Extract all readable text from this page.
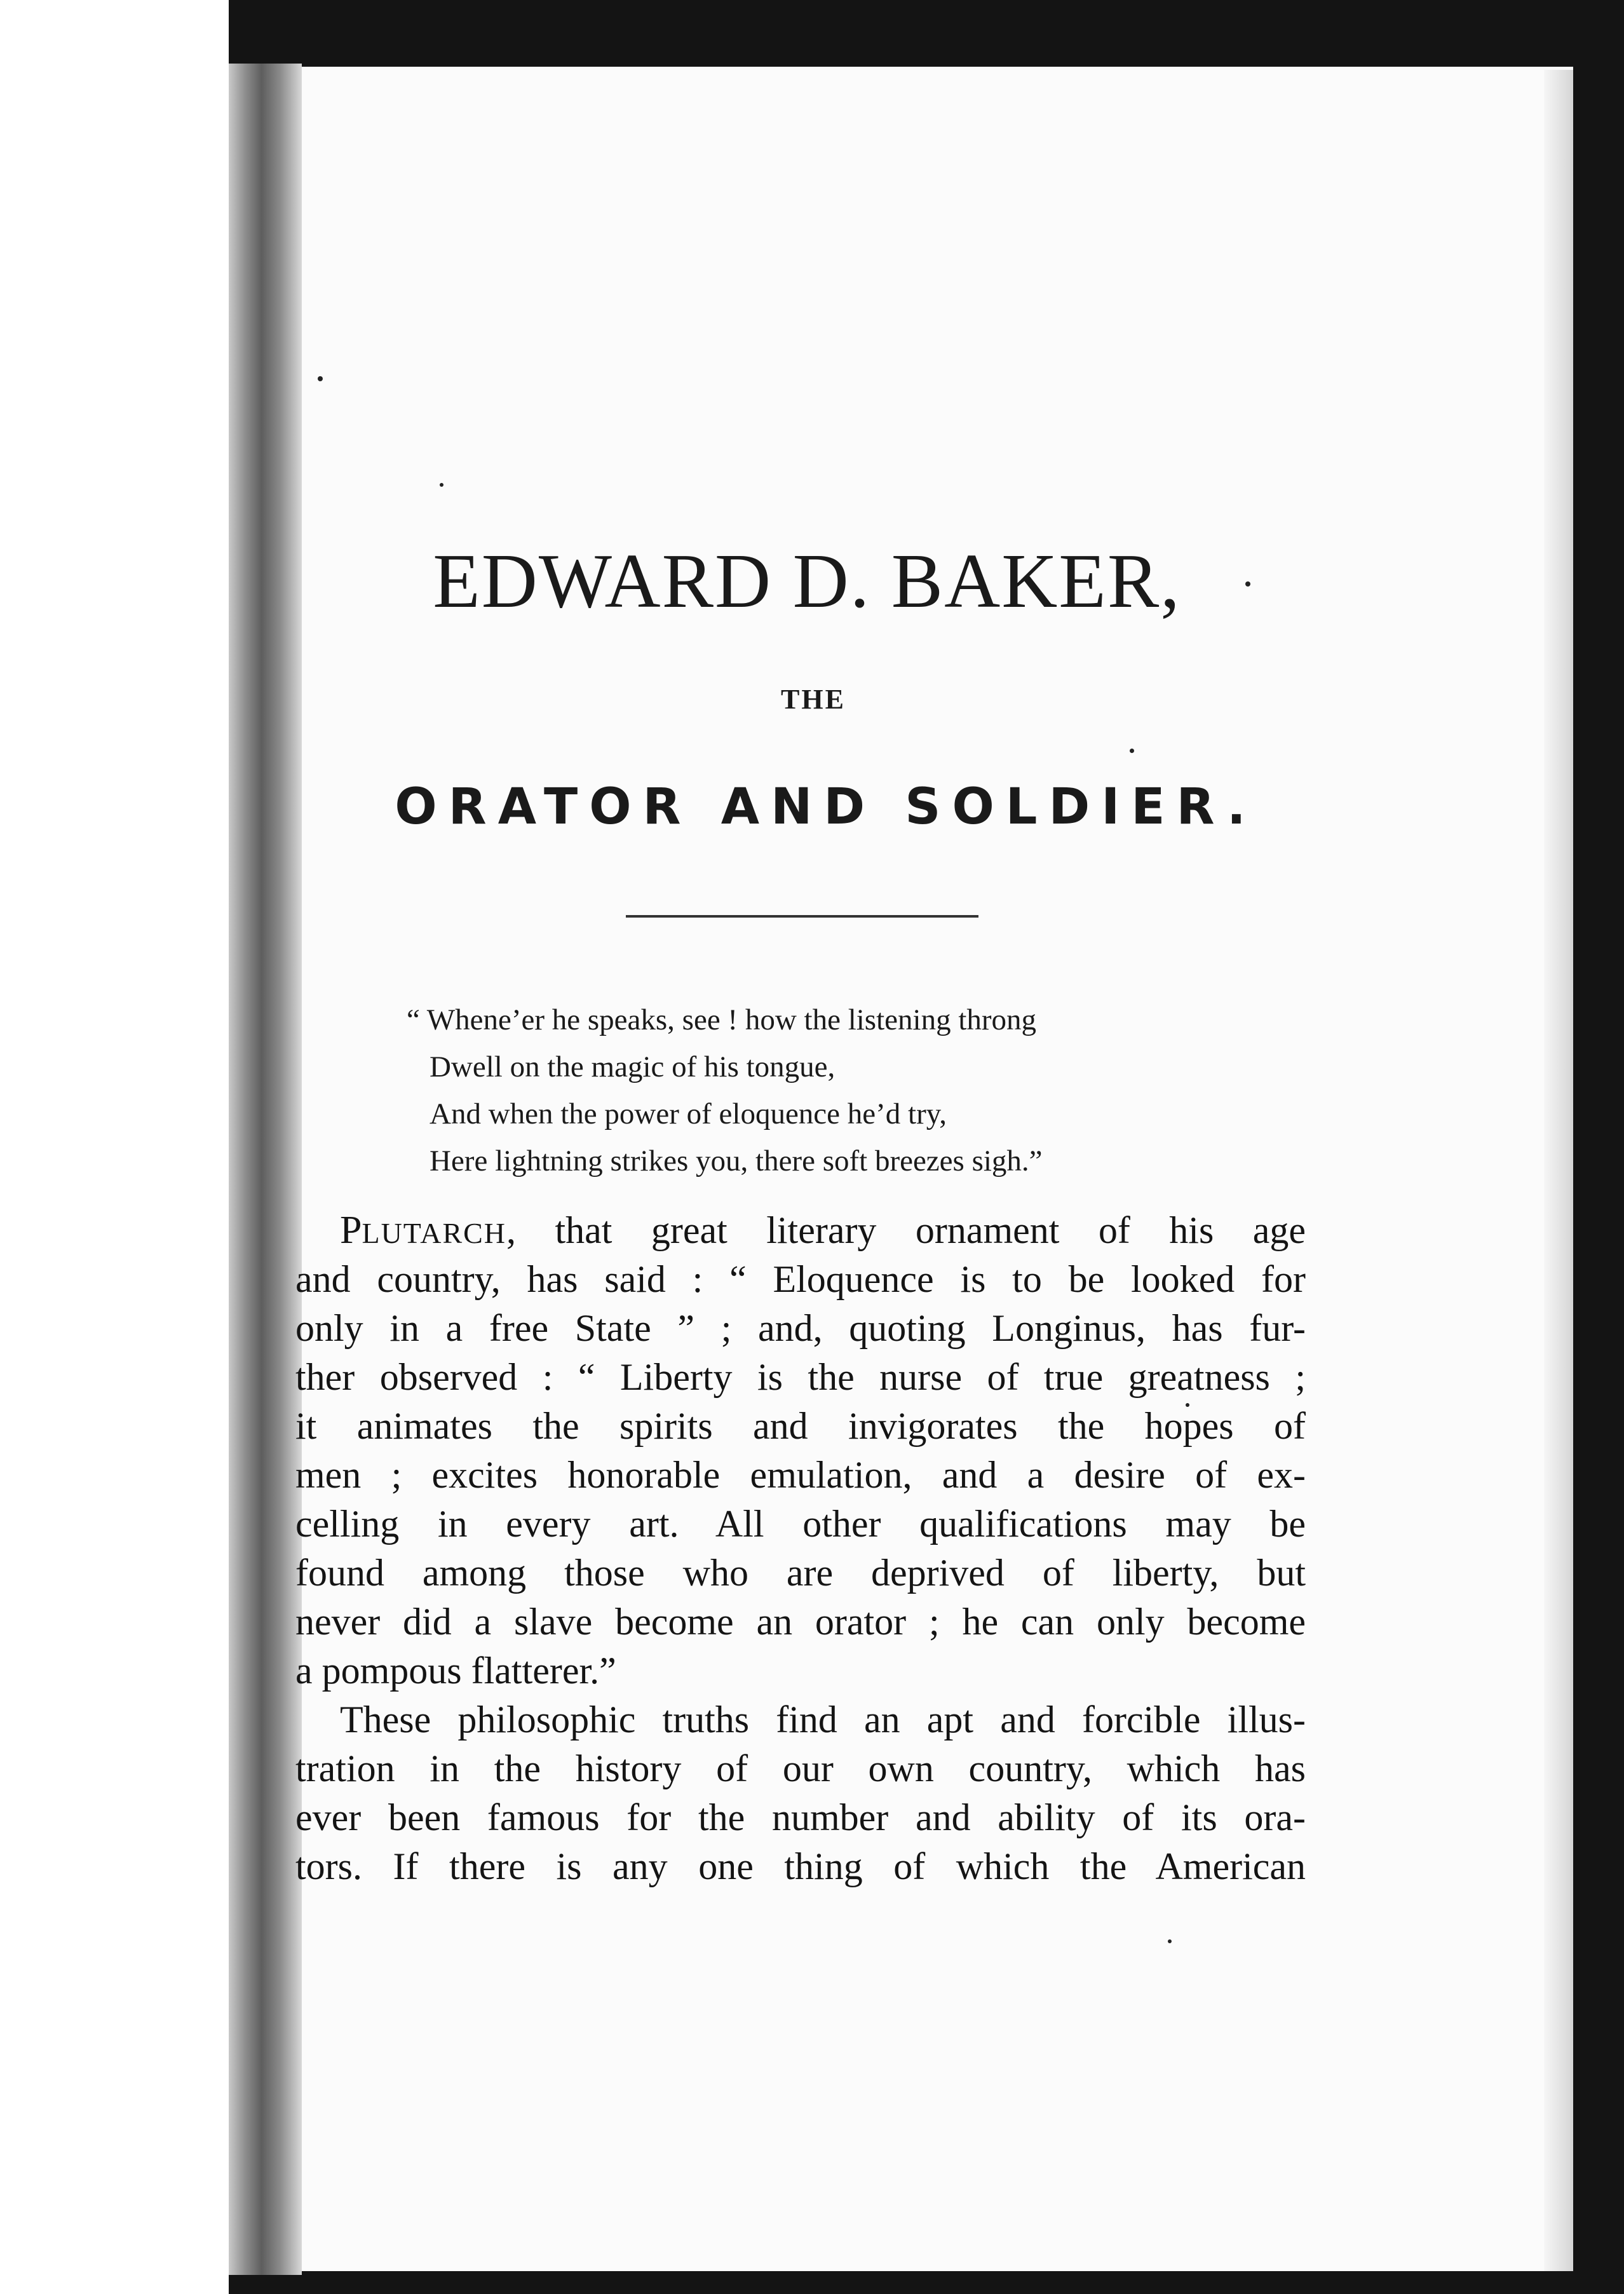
EDWARD D. BAKER,
THE
ORATOR AND SOLDIER.
“ Whene’er he speaks, see ! how the listening throng
Dwell on the magic of his tongue,
And when the power of eloquence he’d try,
Here lightning strikes you, there soft breezes sigh.”
PLUTARCH, that great literary ornament of his age
and country, has said : “ Eloquence is to be looked for
only in a free State ” ; and, quoting Longinus, has fur-
ther observed : “ Liberty is the nurse of true greatness ;
it animates the spirits and invigorates the hopes of
men ; excites honorable emulation, and a desire of ex-
celling in every art. All other qualifications may be
found among those who are deprived of liberty, but
never did a slave become an orator ; he can only become
a pompous flatterer.”
These philosophic truths find an apt and forcible illus-
tration in the history of our own country, which has
ever been famous for the number and ability of its ora-
tors. If there is any one thing of which the American
